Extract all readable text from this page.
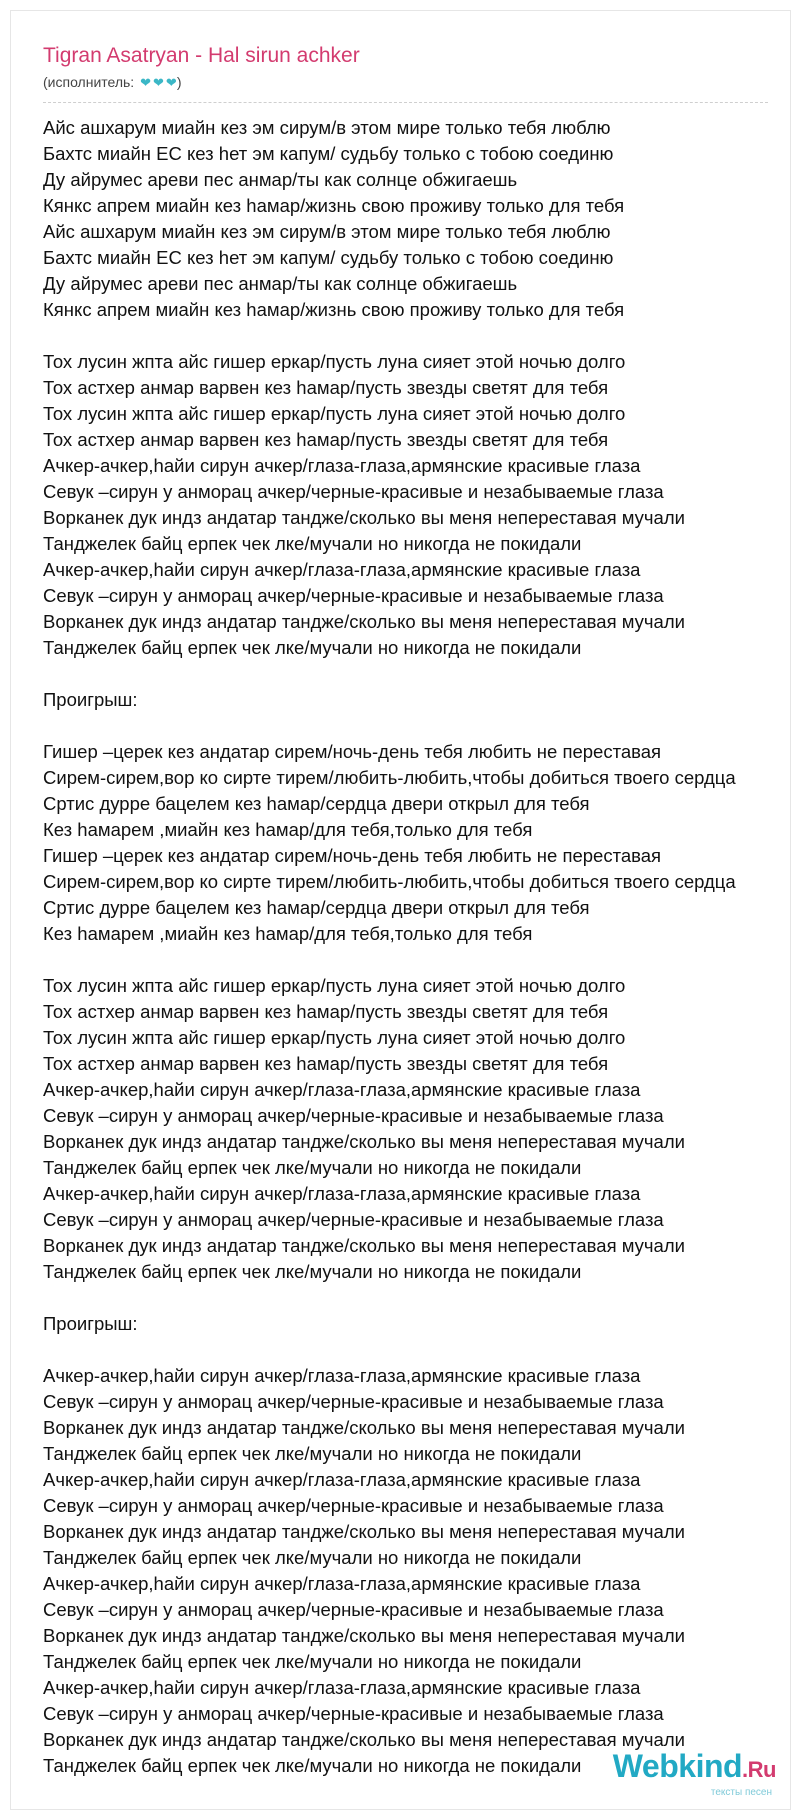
Tigran Asatryan - Hal sirun achker
(исполнитель: ❤ ❤ ❤)
Айс ашхарум миайн кез эм сирум/в этом мире только тебя люблю
Бахтс миайн ЕС кез hет эм капум/ судьбу только с тобою соединю
Ду айрумес ареви пес анмар/ты как солнце обжигаешь
Кянкс апрем миайн кез hамар/жизнь свою проживу только для тебя
Айс ашхарум миайн кез эм сирум/в этом мире только тебя люблю
Бахтс миайн ЕС кез hет эм капум/ судьбу только с тобою соединю
Ду айрумес ареви пес анмар/ты как солнце обжигаешь
Кянкс апрем миайн кез hамар/жизнь свою проживу только для тебя
Тох лусин жпта айс гишер еркар/пусть луна сияет этой ночью долго
Тох астхер анмар варвен кез hамар/пусть звезды светят для тебя
Тох лусин жпта айс гишер еркар/пусть луна сияет этой ночью долго
Тох астхер анмар варвен кез hамар/пусть звезды светят для тебя
Ачкер-ачкер,hайи сирун ачкер/глаза-глаза,армянские красивые глаза
Севук –сирун у анморац ачкер/черные-красивые и незабываемые глаза
Ворканек дук индз андатар тандже/сколько вы меня непереставая мучали
Танджелек байц ерпек чек лке/мучали но никогда не покидали
Ачкер-ачкер,hайи сирун ачкер/глаза-глаза,армянские красивые глаза
Севук –сирун у анморац ачкер/черные-красивые и незабываемые глаза
Ворканек дук индз андатар тандже/сколько вы меня непереставая мучали
Танджелек байц ерпек чек лке/мучали но никогда не покидали
Проигрыш:
Гишер –церек кез андатар сирем/ночь-день тебя любить не переставая
Сирем-сирем,вор ко сирте тирем/любить-любить,чтобы добиться твоего сердца
Сртис дурре бацелем кез hамар/сердца двери открыл для тебя
Кез hамарем ,миайн кез hамар/для тебя,только для тебя
Гишер –церек кез андатар сирем/ночь-день тебя любить не переставая
Сирем-сирем,вор ко сирте тирем/любить-любить,чтобы добиться твоего сердца
Сртис дурре бацелем кез hамар/сердца двери открыл для тебя
Кез hамарем ,миайн кез hамар/для тебя,только для тебя
Тох лусин жпта айс гишер еркар/пусть луна сияет этой ночью долго
Тох астхер анмар варвен кез hамар/пусть звезды светят для тебя
Тох лусин жпта айс гишер еркар/пусть луна сияет этой ночью долго
Тох астхер анмар варвен кез hамар/пусть звезды светят для тебя
Ачкер-ачкер,hайи сирун ачкер/глаза-глаза,армянские красивые глаза
Севук –сирун у анморац ачкер/черные-красивые и незабываемые глаза
Ворканек дук индз андатар тандже/сколько вы меня непереставая мучали
Танджелек байц ерпек чек лке/мучали но никогда не покидали
Ачкер-ачкер,hайи сирун ачкер/глаза-глаза,армянские красивые глаза
Севук –сирун у анморац ачкер/черные-красивые и незабываемые глаза
Ворканек дук индз андатар тандже/сколько вы меня непереставая мучали
Танджелек байц ерпек чек лке/мучали но никогда не покидали
Проигрыш:
Ачкер-ачкер,hайи сирун ачкер/глаза-глаза,армянские красивые глаза
Севук –сирун у анморац ачкер/черные-красивые и незабываемые глаза
Ворканек дук индз андатар тандже/сколько вы меня непереставая мучали
Танджелек байц ерпек чек лке/мучали но никогда не покидали
Ачкер-ачкер,hайи сирун ачкер/глаза-глаза,армянские красивые глаза
Севук –сирун у анморац ачкер/черные-красивые и незабываемые глаза
Ворканек дук индз андатар тандже/сколько вы меня непереставая мучали
Танджелек байц ерпек чек лке/мучали но никогда не покидали
Ачкер-ачкер,hайи сирун ачкер/глаза-глаза,армянские красивые глаза
Севук –сирун у анморац ачкер/черные-красивые и незабываемые глаза
Ворканек дук индз андатар тандже/сколько вы меня непереставая мучали
Танджелек байц ерпек чек лке/мучали но никогда не покидали
Ачкер-ачкер,hайи сирун ачкер/глаза-глаза,армянские красивые глаза
Севук –сирун у анморац ачкер/черные-красивые и незабываемые глаза
Ворканек дук индз андатар тандже/сколько вы меня непереставая мучали
Танджелек байц ерпек чек лке/мучали но никогда не покидали Webkind.Ru
тексты песен
